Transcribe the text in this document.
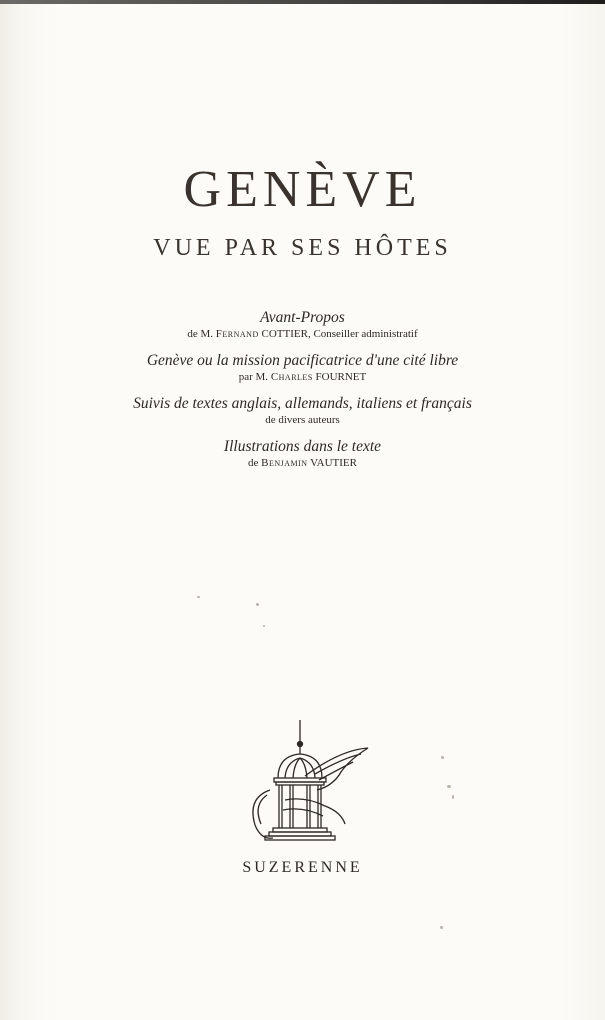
GENÈVE
VUE PAR SES HÔTES
Avant-Propos
de M. Fernand COTTIER, Conseiller administratif
Genève ou la mission pacificatrice d'une cité libre
par M. Charles FOURNET
Suivis de textes anglais, allemands, italiens et français
de divers auteurs
Illustrations dans le texte
de Benjamin VAUTIER
SUZERENNE
